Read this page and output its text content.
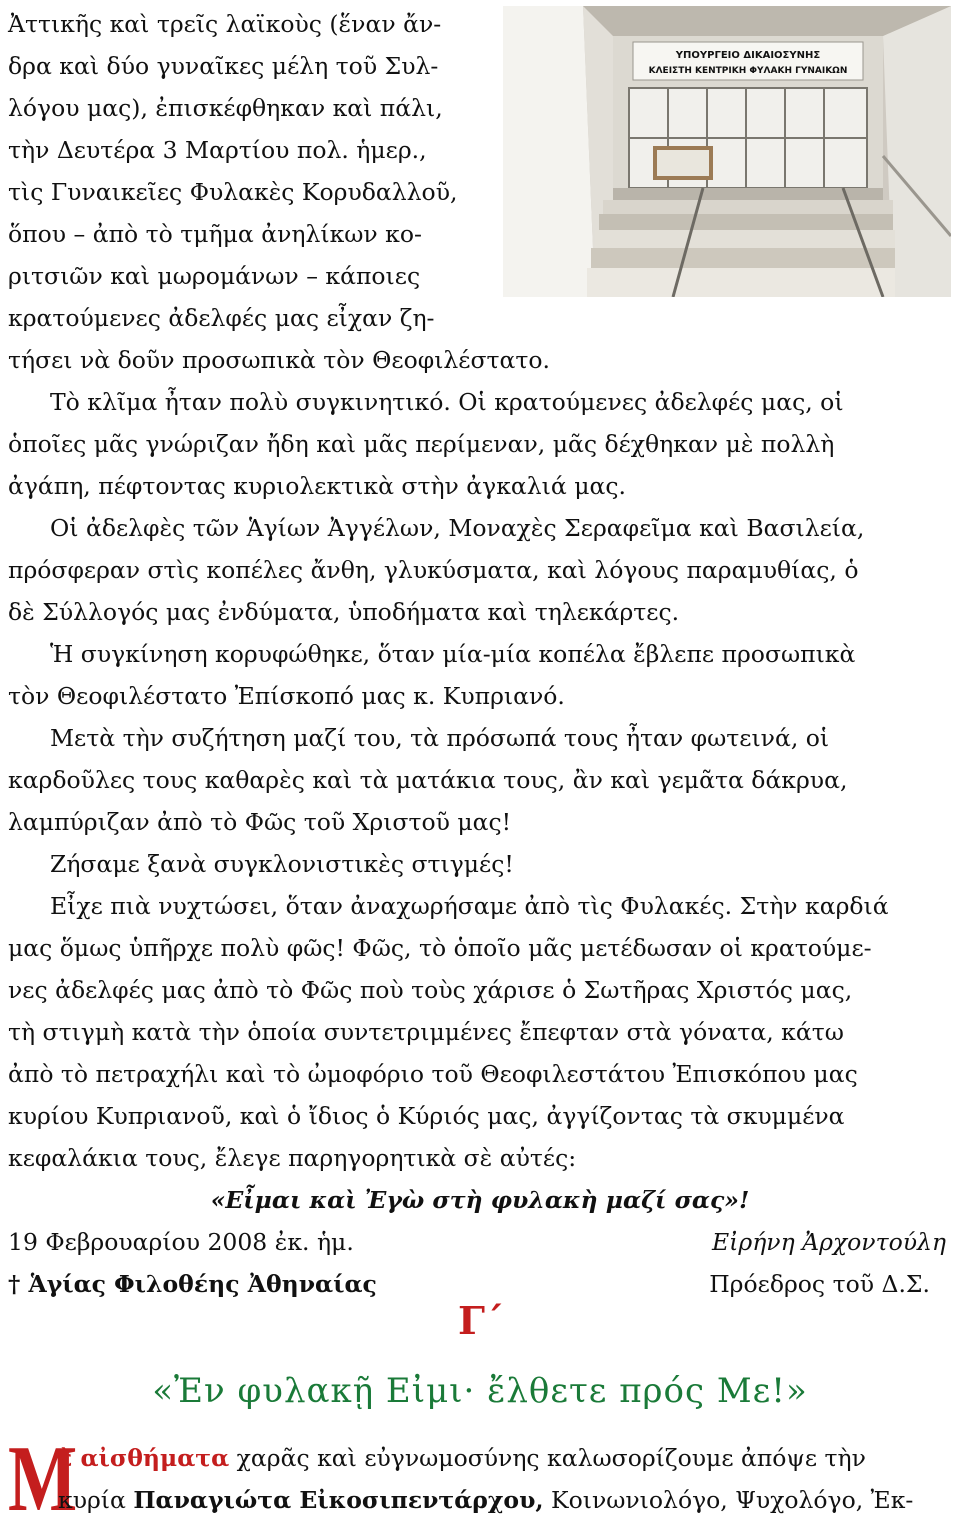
ΥΠΟΥΡΓΕΙΟ ΔΙΚΑΙΟΣΥΝΗΣ
ΚΛΕΙΣΤΗ ΚΕΝΤΡΙΚΗ ΦΥΛΑΚΗ ΓΥΝΑΙΚΩΝ
Ἀττικῆς καὶ τρεῖς λαϊκοὺς (ἕναν ἄν-
δρα καὶ δύο γυναῖκες μέλη τοῦ Συλ-
λόγου μας), ἐπισκέφθηκαν καὶ πάλι,
τὴν Δευτέρα 3 Μαρτίου πολ. ἡμερ.,
τὶς Γυναικεῖες Φυλακὲς Κορυδαλλοῦ,
ὅπου – ἀπὸ τὸ τμῆμα ἀνηλίκων κο-
ριτσιῶν καὶ μωρομάνων – κάποιες
κρατούμενες ἀδελφές μας εἶχαν ζη-
τήσει νὰ δοῦν προσωπικὰ τὸν Θεοφιλέστατο.
Τὸ κλῖμα ἦταν πολὺ συγκινητικό. Οἱ κρατούμενες ἀδελφές μας, οἱ
ὁποῖες μᾶς γνώριζαν ἤδη καὶ μᾶς περίμεναν, μᾶς δέχθηκαν μὲ πολλὴ
ἀγάπη, πέφτοντας κυριολεκτικὰ στὴν ἀγκαλιά μας.
Οἱ ἀδελφὲς τῶν Ἁγίων Ἀγγέλων, Μοναχὲς Σεραφεῖμα καὶ Βασιλεία,
πρόσφεραν στὶς κοπέλες ἄνθη, γλυκύσματα, καὶ λόγους παραμυθίας, ὁ
δὲ Σύλλογός μας ἐνδύματα, ὑποδήματα καὶ τηλεκάρτες.
Ἡ συγκίνηση κορυφώθηκε, ὅταν μία-μία κοπέλα ἔβλεπε προσωπικὰ
τὸν Θεοφιλέστατο Ἐπίσκοπό μας κ. Κυπριανό.
Μετὰ τὴν συζήτηση μαζί του, τὰ πρόσωπά τους ἦταν φωτεινά, οἱ
καρδοῦλες τους καθαρὲς καὶ τὰ ματάκια τους, ἂν καὶ γεμᾶτα δάκρυα,
λαμπύριζαν ἀπὸ τὸ Φῶς τοῦ Χριστοῦ μας!
Ζήσαμε ξανὰ συγκλονιστικὲς στιγμές!
Εἶχε πιὰ νυχτώσει, ὅταν ἀναχωρήσαμε ἀπὸ τὶς Φυλακές. Στὴν καρδιά
μας ὅμως ὑπῆρχε πολὺ φῶς! Φῶς, τὸ ὁποῖο μᾶς μετέδωσαν οἱ κρατούμε-
νες ἀδελφές μας ἀπὸ τὸ Φῶς ποὺ τοὺς χάρισε ὁ Σωτῆρας Χριστός μας,
τὴ στιγμὴ κατὰ τὴν ὁποία συντετριμμένες ἔπεφταν στὰ γόνατα, κάτω
ἀπὸ τὸ πετραχήλι καὶ τὸ ὠμοφόριο τοῦ Θεοφιλεστάτου Ἐπισκόπου μας
κυρίου Κυπριανοῦ, καὶ ὁ ἴδιος ὁ Κύριός μας, ἀγγίζοντας τὰ σκυμμένα
κεφαλάκια τους, ἔλεγε παρηγορητικὰ σὲ αὐτές:
«Εἶμαι καὶ Ἐγὼ στὴ φυλακὴ μαζί σας»!
19 Φεβρουαρίου 2008 ἐκ. ἡμ.
† Ἁγίας Φιλοθέης Ἀθηναίας
Εἰρήνη Ἀρχοντούλη
Πρόεδρος τοῦ Δ.Σ.
Γ΄
«Ἐν φυλακῇ Εἰμι· ἔλθετε πρός Με!»
Μ
ὲ αἰσθήματα χαρᾶς καὶ εὐγνωμοσύνης καλωσορίζουμε ἀπόψε τὴν
κυρία Παναγιώτα Εἰκοσιπεντάρχου, Κοινωνιολόγο, Ψυχολόγο, Ἐκ-
